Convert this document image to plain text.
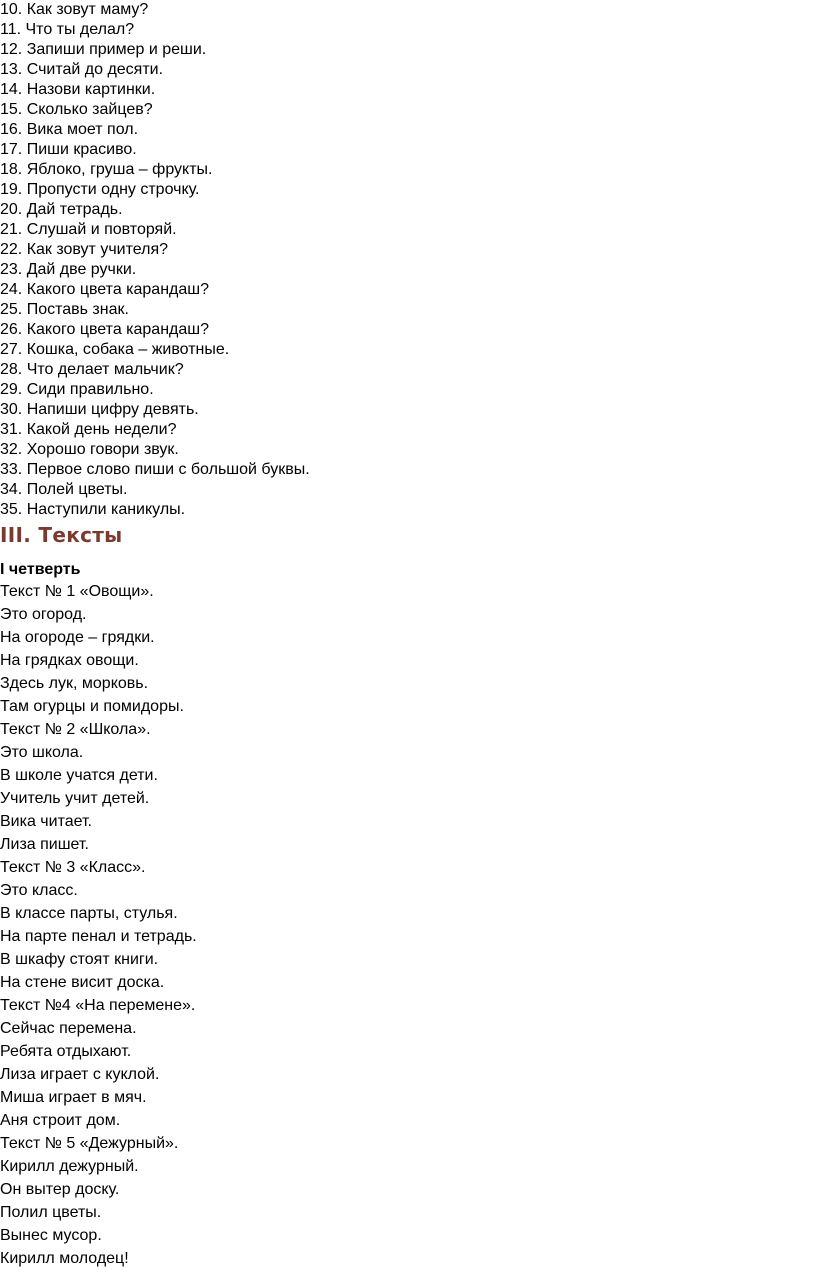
10. Как зовут маму?
11. Что ты делал?
12. Запиши пример и реши.
13. Считай до десяти.
14. Назови картинки.
15. Сколько зайцев?
16. Вика моет пол.
17. Пиши красиво.
18. Яблоко, груша – фрукты.
19. Пропусти одну строчку.
20. Дай тетрадь.
21. Слушай и повторяй.
22. Как зовут учителя?
23. Дай две ручки.
24. Какого цвета карандаш?
25. Поставь знак.
26. Какого цвета карандаш?
27. Кошка, собака – животные.
28. Что делает мальчик?
29. Сиди правильно.
30. Напиши цифру девять.
31. Какой день недели?
32. Хорошо говори звук.
33. Первое слово пиши с большой буквы.
34. Полей цветы.
35. Наступили каникулы.
III. Тексты
I четверть
Текст № 1 «Овощи».
Это огород.
На огороде – грядки.
На грядках овощи.
Здесь лук, морковь.
Там огурцы и помидоры.
Текст № 2 «Школа».
Это школа.
В школе учатся дети.
Учитель учит детей.
Вика читает.
Лиза пишет.
Текст № 3 «Класс».
Это класс.
В классе парты, стулья.
На парте пенал и тетрадь.
В шкафу стоят книги.
На стене висит доска.
Текст №4 «На перемене».
Сейчас перемена.
Ребята отдыхают.
Лиза играет с куклой.
Миша играет в мяч.
Аня строит дом.
Текст № 5 «Дежурный».
Кирилл дежурный.
Он вытер доску.
Полил цветы.
Вынес мусор.
Кирилл молодец!
